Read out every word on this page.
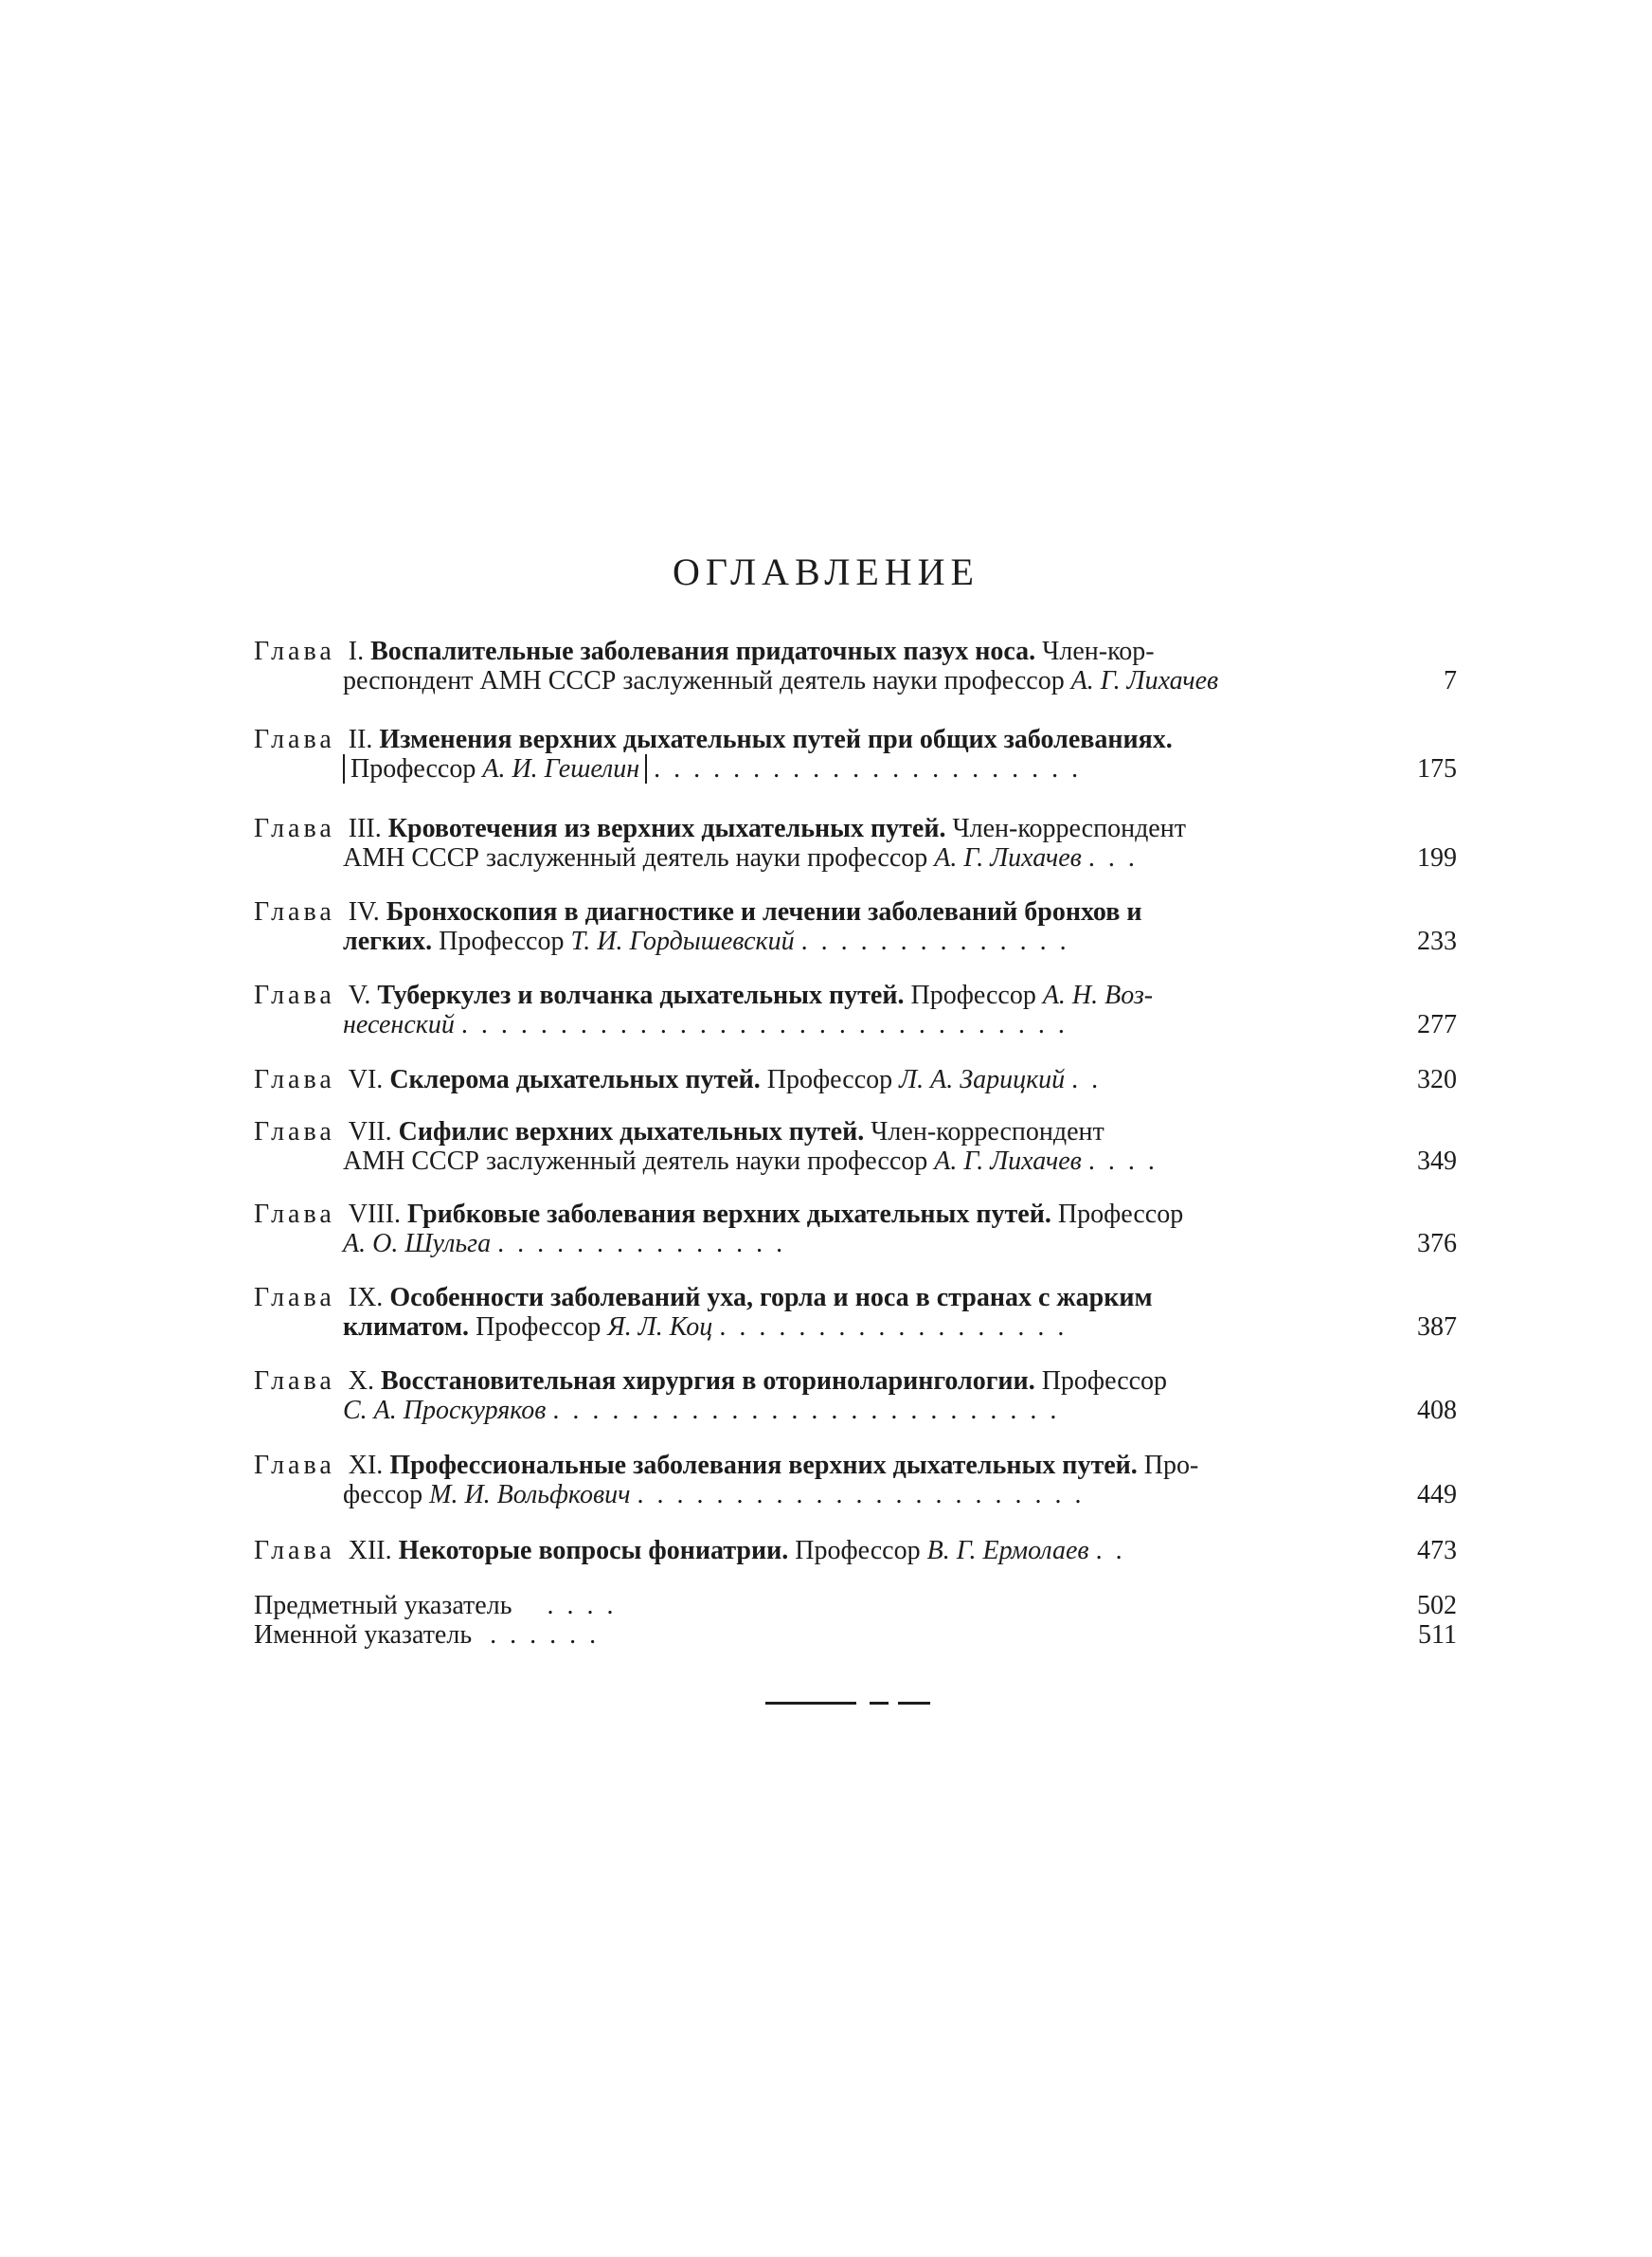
ОГЛАВЛЕНИЕ
Глава I. Воспалительные заболевания придаточных пазух носа. Член-кор-
респондент АМН СССР заслуженный деятель науки профессор А. Г. Лихачев	7
Глава II. Изменения верхних дыхательных путей при общих заболеваниях.
Профессор А. И. Гешелин ......................	175
Глава III. Кровотечения из верхних дыхательных путей. Член-корреспондент
АМН СССР заслуженный деятель науки профессор А. Г. Лихачев ...	199
Глава IV. Бронхоскопия в диагностике и лечении заболеваний бронхов и
легких. Профессор Т. И. Гордышевский ..............	233
Глава V. Туберкулез и волчанка дыхательных путей. Профессор А. Н. Воз-
несенский ...............................	277
Глава VI. Склерома дыхательных путей. Профессор Л. А. Зарицкий ..	320
Глава VII. Сифилис верхних дыхательных путей. Член-корреспондент
АМН СССР заслуженный деятель науки профессор А. Г. Лихачев ....	349
Глава VIII. Грибковые заболевания верхних дыхательных путей. Профессор
А. О. Шульга ...............	376
Глава IX. Особенности заболеваний уха, горла и носа в странах с жарким
климатом. Профессор Я. Л. Коц ..................	387
Глава X. Восстановительная хирургия в оториноларингологии. Профессор
С. А. Проскуряков ..........................	408
Глава XI. Профессиональные заболевания верхних дыхательных путей. Про-
фессор М. И. Вольфкович .......................	449
Глава XII. Некоторые вопросы фониатрии. Профессор В. Г. Ермолаев ..	473
Предметный указатель ....	502
Именной указатель ......	511
